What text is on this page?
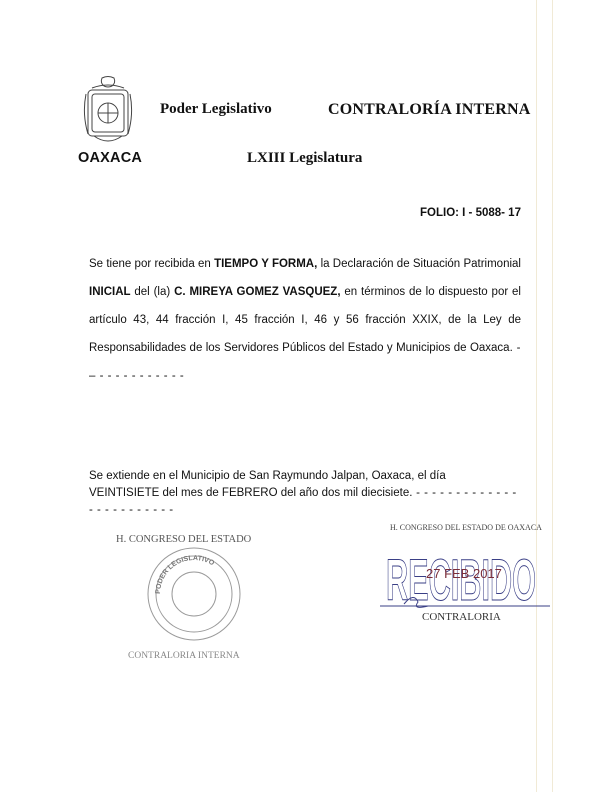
OAXACA
Poder Legislativo	CONTRALORÍA INTERNA
LXIII Legislatura
FOLIO: I - 5088- 17
Se tiene por recibida en TIEMPO Y FORMA, la Declaración de Situación Patrimonial INICIAL del (la) C. MIREYA GOMEZ VASQUEZ, en términos de lo dispuesto por el artículo 43, 44 fracción I, 45 fracción I, 46 y 56 fracción XXIX, de la Ley de Responsabilidades de los Servidores Públicos del Estado y Municipios de Oaxaca. - – - - - - - - - - - - -
Se extiende en el Municipio de San Raymundo Jalpan, Oaxaca, el día
VEINTISIETE del mes de FEBRERO del año dos mil diecisiete. - - - - - - - - - - - - -
- - - - - - - - - - -
H. CONGRESO DEL ESTADO
PODER LEGISLATIVO
CONTRALORIA INTERNA
H. CONGRESO DEL ESTADO DE OAXACA
RECIBIDO
27 FEB 2017
CONTRALORIA
